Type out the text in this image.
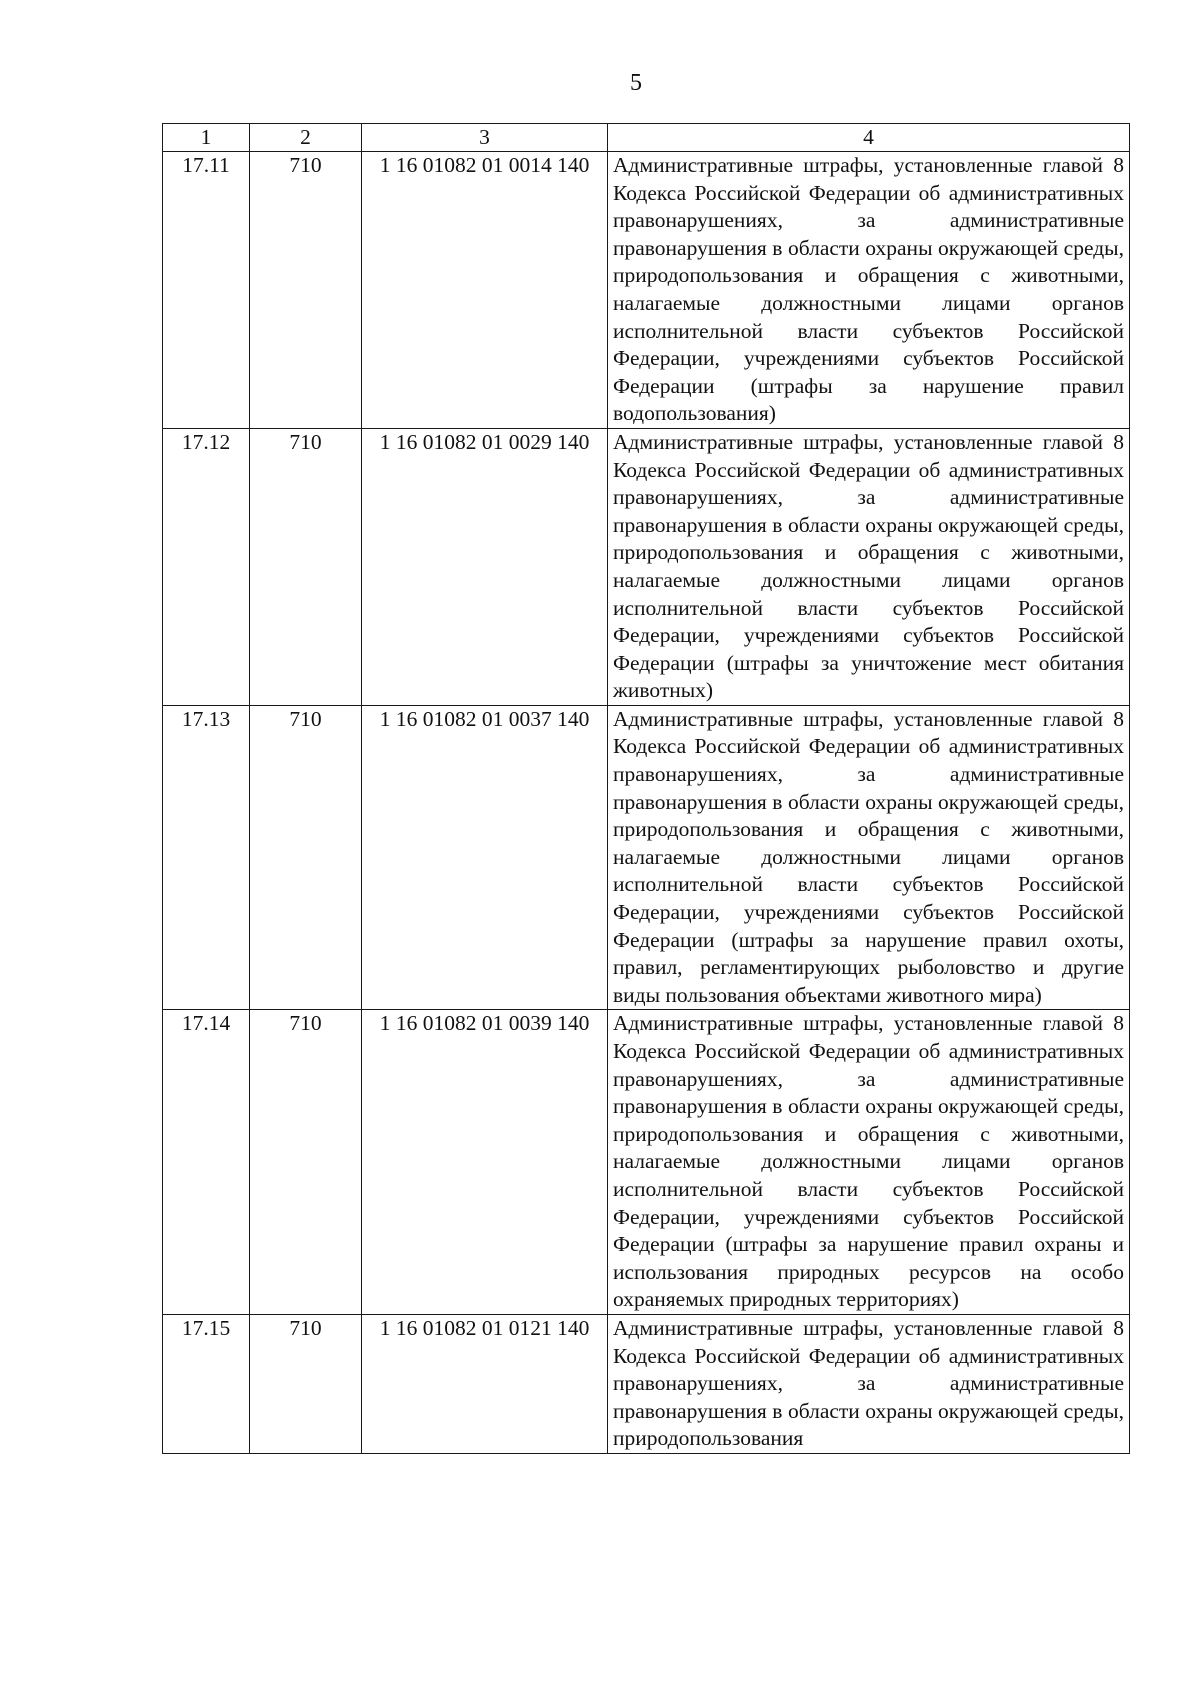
5
1	2	3	4
17.11	710	1 16 01082 01 0014 140	Административные штрафы, установленные главой 8 Кодекса Российской Федерации об административных правонарушениях, за административные правонарушения в области охраны окружающей среды, природопользования и обращения с животными, налагаемые должностными лицами органов исполнительной власти субъектов Российской Федерации, учреждениями субъектов Российской Федерации (штрафы за нарушение правил водопользования)

17.12	710	1 16 01082 01 0029 140	Административные штрафы, установленные главой 8 Кодекса Российской Федерации об административных правонарушениях, за административные правонарушения в области охраны окружающей среды, природопользования и обращения с животными, налагаемые должностными лицами органов исполнительной власти субъектов Российской Федерации, учреждениями субъектов Российской Федерации (штрафы за уничтожение мест обитания животных)

17.13	710	1 16 01082 01 0037 140	Административные штрафы, установленные главой 8 Кодекса Российской Федерации об административных правонарушениях, за административные правонарушения в области охраны окружающей среды, природопользования и обращения с животными, налагаемые должностными лицами органов исполнительной власти субъектов Российской Федерации, учреждениями субъектов Российской Федерации (штрафы за нарушение правил охоты, правил, регламентирующих рыболовство и другие виды пользования объектами животного мира)

17.14	710	1 16 01082 01 0039 140	Административные штрафы, установленные главой 8 Кодекса Российской Федерации об административных правонарушениях, за административные правонарушения в области охраны окружающей среды, природопользования и обращения с животными, налагаемые должностными лицами органов исполнительной власти субъектов Российской Федерации, учреждениями субъектов Российской Федерации (штрафы за нарушение правил охраны и использования природных ресурсов на особо охраняемых природных территориях)

17.15	710	1 16 01082 01 0121 140	Административные штрафы, установленные главой 8 Кодекса Российской Федерации об административных правонарушениях, за административные правонарушения в области охраны окружающей среды, природопользования
